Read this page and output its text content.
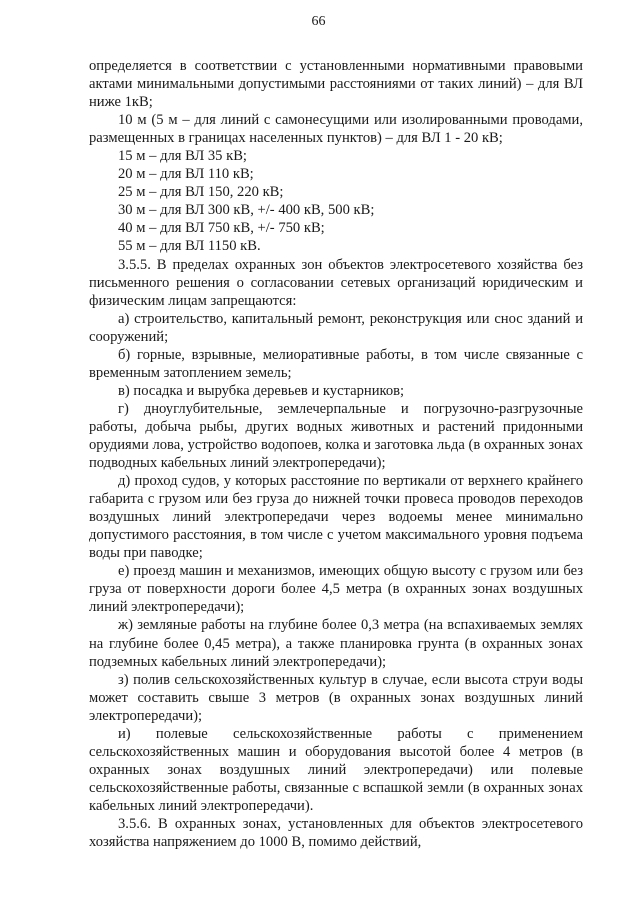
66

определяется в соответствии с установленными нормативными правовыми актами минимальными допустимыми расстояниями от таких линий) – для ВЛ ниже 1кВ;

10 м (5 м – для линий с самонесущими или изолированными проводами, размещенных в границах населенных пунктов) – для ВЛ 1 - 20 кВ;

15 м – для ВЛ 35 кВ;

20 м – для ВЛ 110 кВ;

25 м – для ВЛ 150, 220 кВ;

30 м – для ВЛ 300 кВ, +/- 400 кВ, 500 кВ;

40 м – для ВЛ 750 кВ, +/- 750 кВ;

55 м – для ВЛ 1150 кВ.

3.5.5. В пределах охранных зон объектов электросетевого хозяйства без письменного решения о согласовании сетевых организаций юридическим и физическим лицам запрещаются:

а) строительство, капитальный ремонт, реконструкция или снос зданий и сооружений;

б) горные, взрывные, мелиоративные работы, в том числе связанные с временным затоплением земель;

в) посадка и вырубка деревьев и кустарников;

г) дноуглубительные, землечерпальные и погрузочно-разгрузочные работы, добыча рыбы, других водных животных и растений придонными орудиями лова, устройство водопоев, колка и заготовка льда (в охранных зонах подводных кабельных линий электропередачи);

д) проход судов, у которых расстояние по вертикали от верхнего крайнего габарита с грузом или без груза до нижней точки провеса проводов переходов воздушных линий электропередачи через водоемы менее минимально допустимого расстояния, в том числе с учетом максимального уровня подъема воды при паводке;

е) проезд машин и механизмов, имеющих общую высоту с грузом или без груза от поверхности дороги более 4,5 метра (в охранных зонах воздушных линий электропередачи);

ж) земляные работы на глубине более 0,3 метра (на вспахиваемых землях на глубине более 0,45 метра), а также планировка грунта (в охранных зонах подземных кабельных линий электропередачи);

з) полив сельскохозяйственных культур в случае, если высота струи воды может составить свыше 3 метров (в охранных зонах воздушных линий электропередачи);

и) полевые сельскохозяйственные работы с применением сельскохозяйственных машин и оборудования высотой более 4 метров (в охранных зонах воздушных линий электропередачи) или полевые сельскохозяйственные работы, связанные с вспашкой земли (в охранных зонах кабельных линий электропередачи).

3.5.6. В охранных зонах, установленных для объектов электросетевого хозяйства напряжением до 1000 В, помимо действий,
